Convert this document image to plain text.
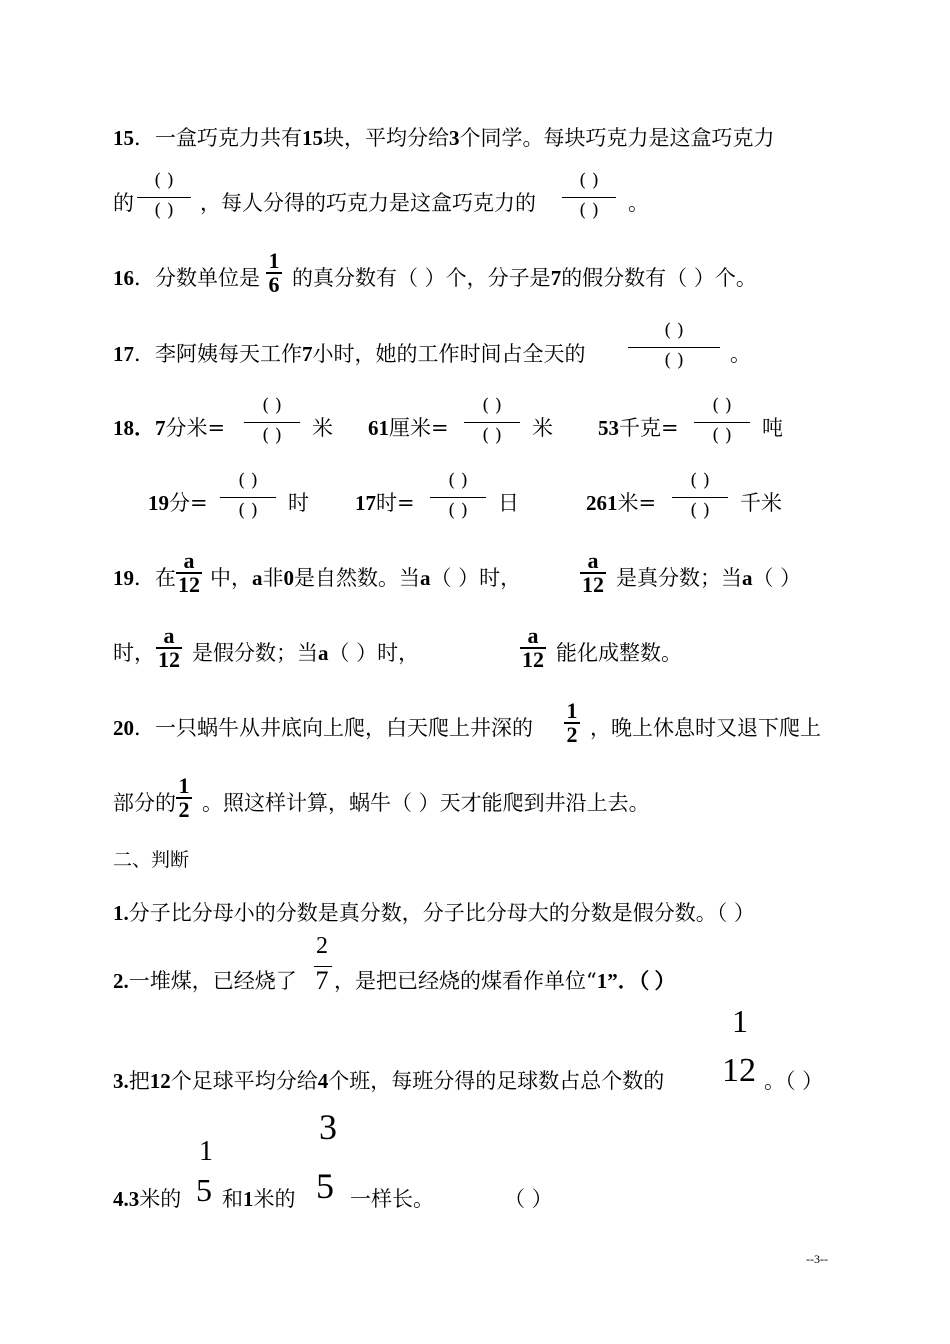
15．一盒巧克力共有15块，平均分给3个同学。每块巧克力是这盒巧克力
的
( )
( )	，每人分得的巧克力是这盒巧克力的
( )
( )	。
16．分数单位是
1
6 的真分数有（ ）个，分子是7的假分数有（ ）个。
17．李阿姨每天工作7小时，她的工作时间占全天的
( )
( )	。
18．7分米=
( )
( )	米 61厘米=
( )
( )	米 53千克=
( )
( )	吨
19分=
( )
( )	时 17时=
( )
( )	日	261米=
( )
( )	千米
19．在
a
12 中，a非0是自然数。当a（ ）时，
a
12 是真分数；当a（ ）
时，
a
12 是假分数；当a（ ）时，
a
12 能化成整数。
20．一只蜗牛从井底向上爬，白天爬上井深的
1
2 ，晚上休息时又退下爬上
部分的
1
2 。照这样计算，蜗牛（ ）天才能爬到井沿上去。
二、判断
1.分子比分母小的分数是真分数，分子比分母大的分数是假分数。（ ）
2.一堆煤，已经烧了
2
7 ，是把已经烧的煤看作单位“1”．（ ）
1
3.把12个足球平均分给4个班，每班分得的足球数占总个数的 12 。（ ）
3
1
4.3米的 5 和1米的 5 一样长。	（ ）
--3--
